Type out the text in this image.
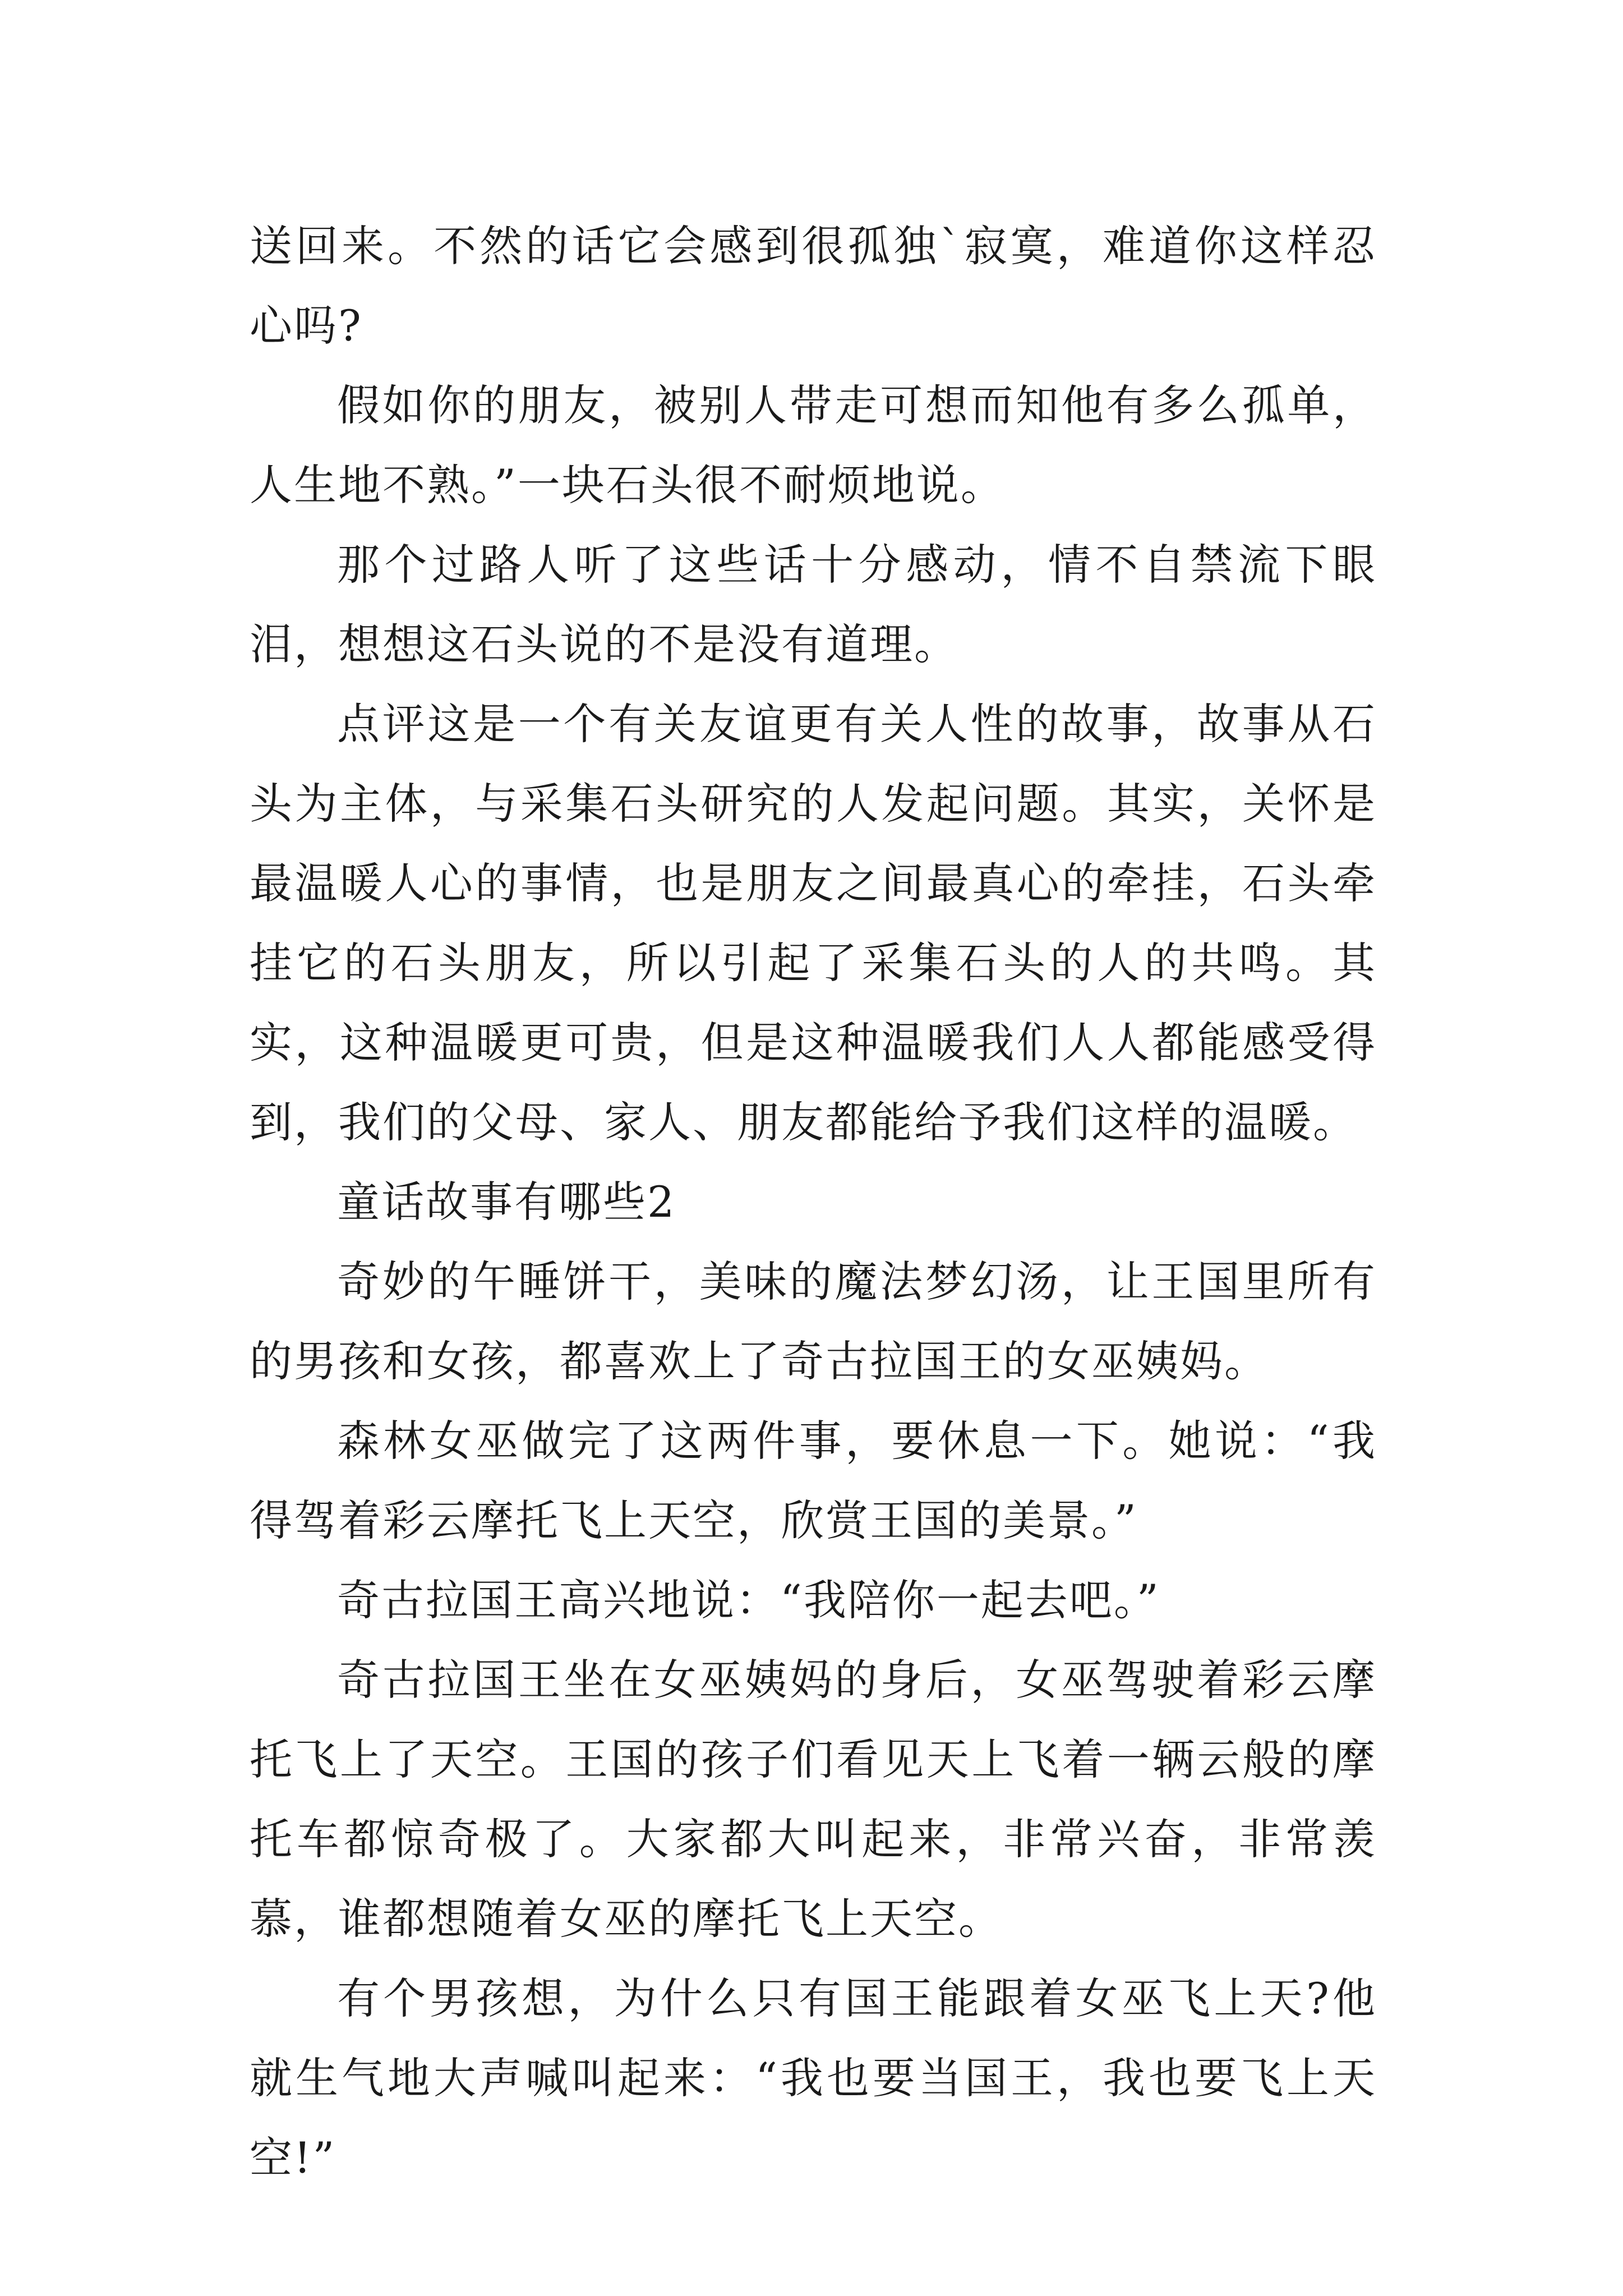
送回来。不然的话它会感到很孤独`寂寞，难道你这样忍心吗?

假如你的朋友，被别人带走可想而知他有多么孤单，人生地不熟。”一块石头很不耐烦地说。

那个过路人听了这些话十分感动，情不自禁流下眼泪，想想这石头说的不是没有道理。

点评这是一个有关友谊更有关人性的故事，故事从石头为主体，与采集石头研究的人发起问题。其实，关怀是最温暖人心的事情，也是朋友之间最真心的牵挂，石头牵挂它的石头朋友，所以引起了采集石头的人的共鸣。其实，这种温暖更可贵，但是这种温暖我们人人都能感受得到，我们的父母、家人、朋友都能给予我们这样的温暖。

童话故事有哪些2

奇妙的午睡饼干，美味的魔法梦幻汤，让王国里所有的男孩和女孩，都喜欢上了奇古拉国王的女巫姨妈。

森林女巫做完了这两件事，要休息一下。她说：“我得驾着彩云摩托飞上天空，欣赏王国的美景。”

奇古拉国王高兴地说：“我陪你一起去吧。”

奇古拉国王坐在女巫姨妈的身后，女巫驾驶着彩云摩托飞上了天空。王国的孩子们看见天上飞着一辆云般的摩托车都惊奇极了。大家都大叫起来，非常兴奋，非常羡慕，谁都想随着女巫的摩托飞上天空。

有个男孩想，为什么只有国王能跟着女巫飞上天?他就生气地大声喊叫起来：“我也要当国王，我也要飞上天空!”
